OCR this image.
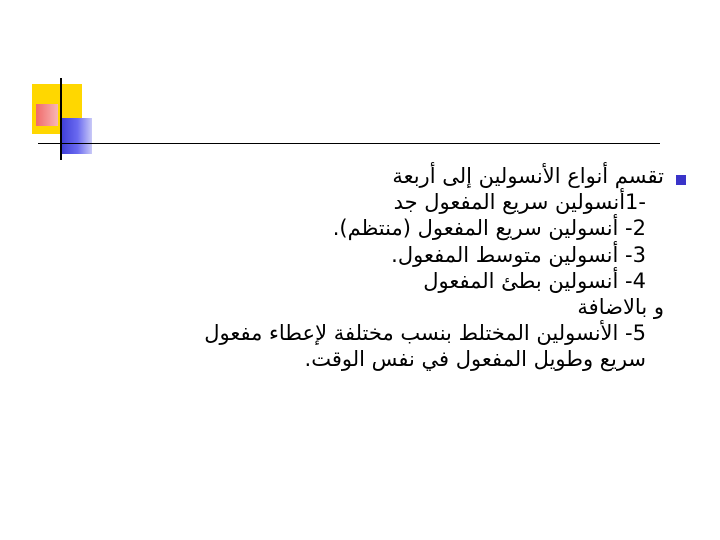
تقسم أنواع الأنسولين إلى أربعة
-1أنسولين سريع المفعول جد
2- أنسولين سريع المفعول (منتظم).
3- أنسولين متوسط المفعول.
4- أنسولين بطئ المفعول
و بالاضافة
5- الأنسولين المختلط بنسب مختلفة لإعطاء مفعول
سريع وطويل المفعول في نفس الوقت.
